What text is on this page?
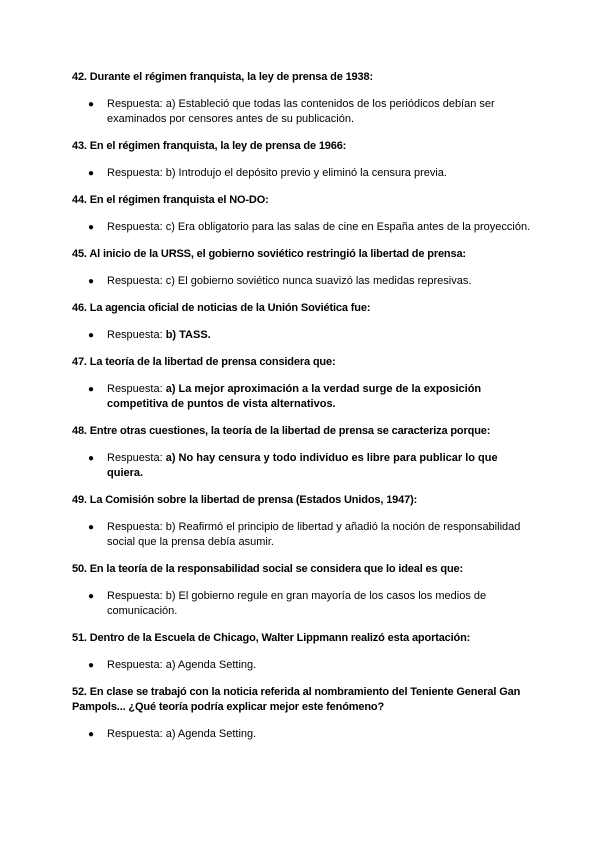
42. Durante el régimen franquista, la ley de prensa de 1938:

● Respuesta: a) Estableció que todas las contenidos de los periódicos debían ser examinados por censores antes de su publicación.

43. En el régimen franquista, la ley de prensa de 1966:

● Respuesta: b) Introdujo el depósito previo y eliminó la censura previa.

44. En el régimen franquista el NO-DO:

● Respuesta: c) Era obligatorio para las salas de cine en España antes de la proyección.

45. Al inicio de la URSS, el gobierno soviético restringió la libertad de prensa:

● Respuesta: c) El gobierno soviético nunca suavizó las medidas represivas.

46. La agencia oficial de noticias de la Unión Soviética fue:

● Respuesta: b) TASS.

47. La teoría de la libertad de prensa considera que:

● Respuesta: a) La mejor aproximación a la verdad surge de la exposición competitiva de puntos de vista alternativos.

48. Entre otras cuestiones, la teoría de la libertad de prensa se caracteriza porque:

● Respuesta: a) No hay censura y todo individuo es libre para publicar lo que quiera.

49. La Comisión sobre la libertad de prensa (Estados Unidos, 1947):

● Respuesta: b) Reafirmó el principio de libertad y añadió la noción de responsabilidad social que la prensa debía asumir.

50. En la teoría de la responsabilidad social se considera que lo ideal es que:

● Respuesta: b) El gobierno regule en gran mayoría de los casos los medios de comunicación.

51. Dentro de la Escuela de Chicago, Walter Lippmann realizó esta aportación:

● Respuesta: a) Agenda Setting.

52. En clase se trabajó con la noticia referida al nombramiento del Teniente General Gan Pampols... ¿Qué teoría podría explicar mejor este fenómeno?

● Respuesta: a) Agenda Setting.
